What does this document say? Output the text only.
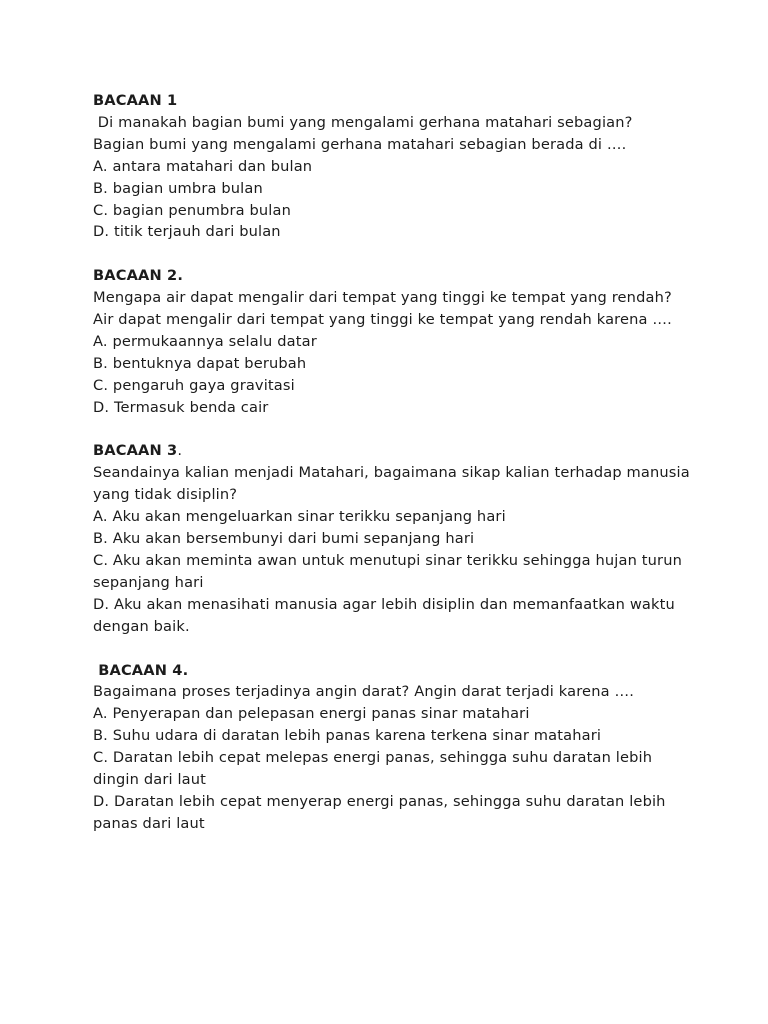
BACAAN 1
Di manakah bagian bumi yang mengalami gerhana matahari sebagian?
Bagian bumi yang mengalami gerhana matahari sebagian berada di ….
A. antara matahari dan bulan
B. bagian umbra bulan
C. bagian penumbra bulan
D. titik terjauh dari bulan
BACAAN 2.
Mengapa air dapat mengalir dari tempat yang tinggi ke tempat yang rendah?
Air dapat mengalir dari tempat yang tinggi ke tempat yang rendah karena ….
A. permukaannya selalu datar
B. bentuknya dapat berubah
C. pengaruh gaya gravitasi
D. Termasuk benda cair
BACAAN 3.
Seandainya kalian menjadi Matahari, bagaimana sikap kalian terhadap manusia yang tidak disiplin?
A. Aku akan mengeluarkan sinar terikku sepanjang hari
B. Aku akan bersembunyi dari bumi sepanjang hari
C. Aku akan meminta awan untuk menutupi sinar terikku sehingga hujan turun sepanjang hari
D. Aku akan menasihati manusia agar lebih disiplin dan memanfaatkan waktu dengan baik.
BACAAN 4.
Bagaimana proses terjadinya angin darat? Angin darat terjadi karena ….
A. Penyerapan dan pelepasan energi panas sinar matahari
B. Suhu udara di daratan lebih panas karena terkena sinar matahari
C. Daratan lebih cepat melepas energi panas, sehingga suhu daratan lebih dingin dari laut
D. Daratan lebih cepat menyerap energi panas, sehingga suhu daratan lebih panas dari laut
